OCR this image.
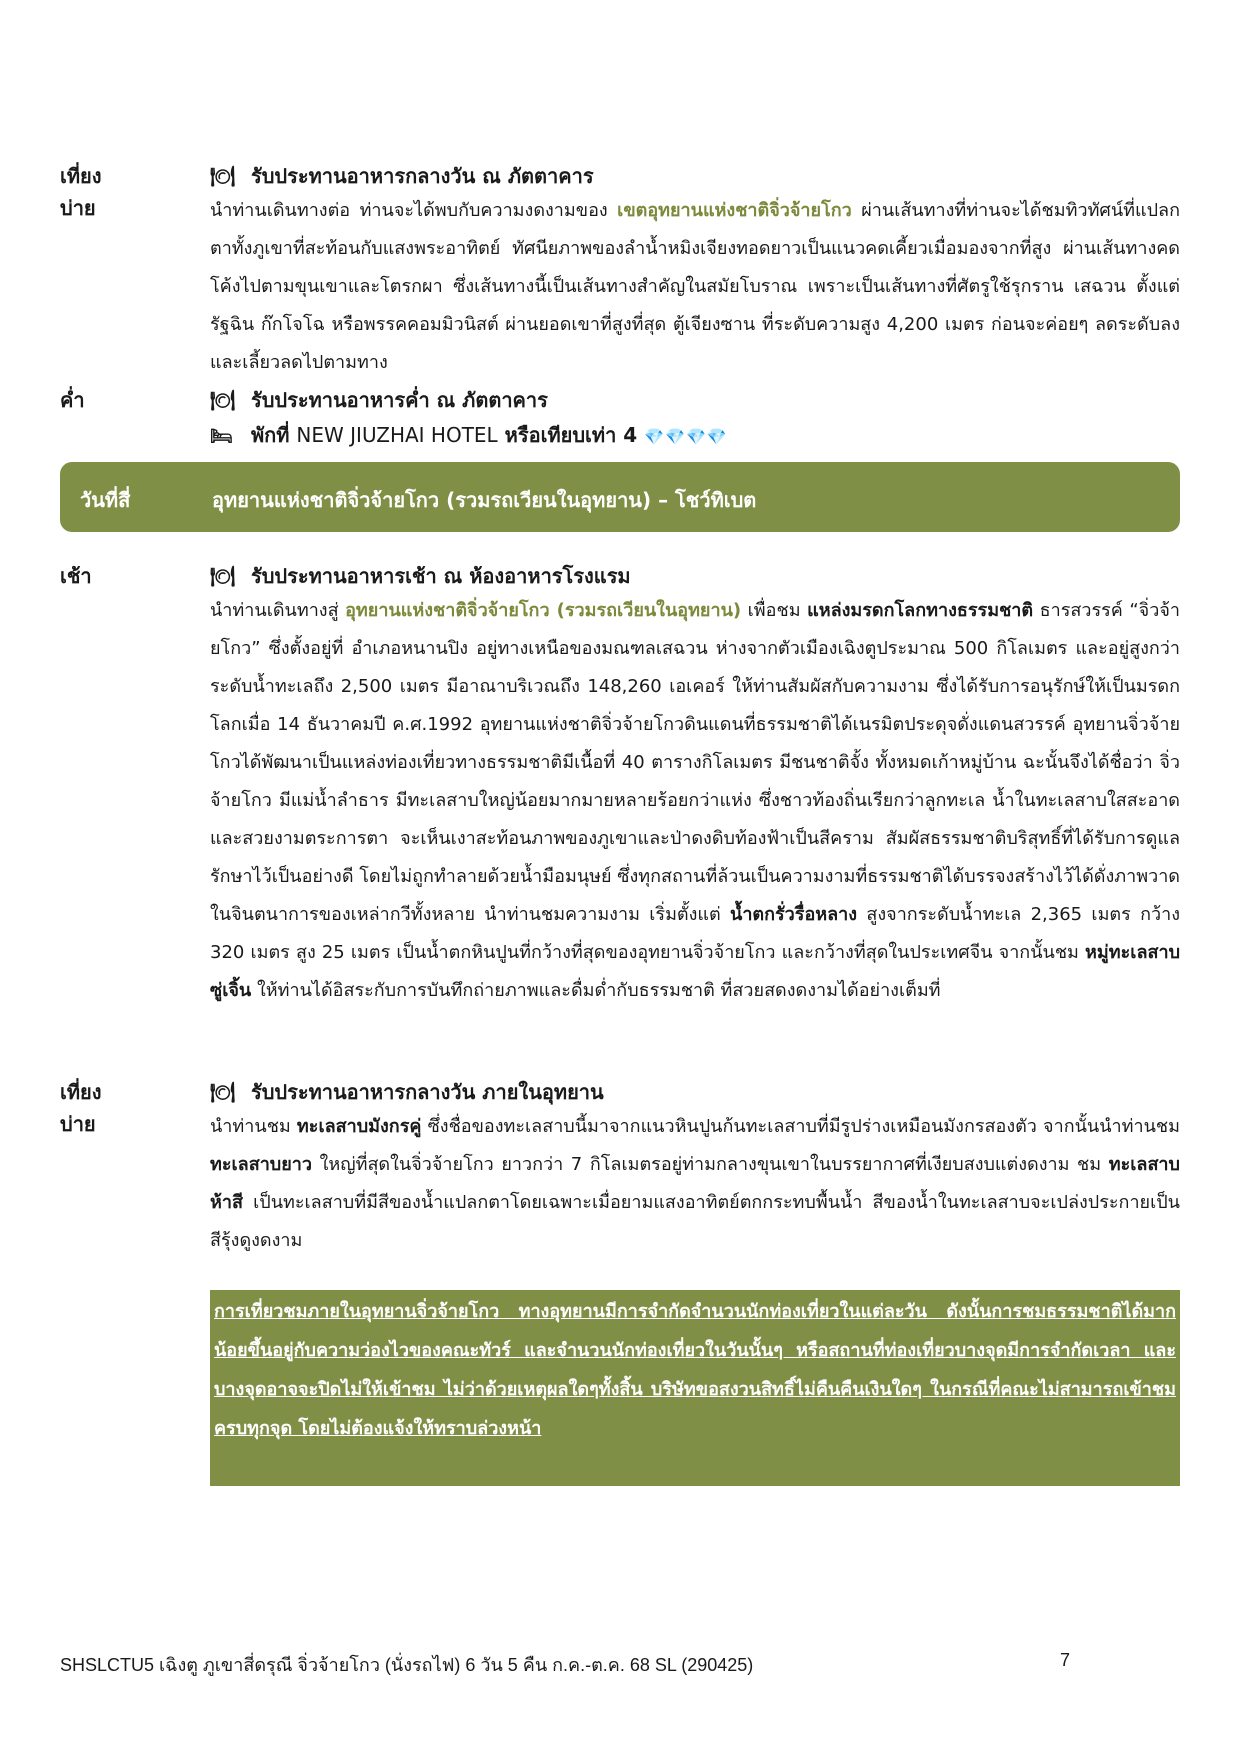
เที่ยง	🍽 รับประทานอาหารกลางวัน ณ ภัตตาคาร
บ่าย	นำท่านเดินทางต่อ ท่านจะได้พบกับความงดงามของ เขตอุทยานแห่งชาติจิ่วจ้ายโกว ผ่านเส้นทางที่ท่านจะได้ชมทิวทัศน์ที่แปลกตาทั้งภูเขาที่สะท้อนกับแสงพระอาทิตย์ ทัศนียภาพของลำน้ำหมิงเจียงทอดยาวเป็นแนวคดเคี้ยวเมื่อมองจากที่สูง ผ่านเส้นทางคดโค้งไปตามขุนเขาและโตรกผา ซึ่งเส้นทางนี้เป็นเส้นทางสำคัญในสมัยโบราณ เพราะเป็นเส้นทางที่ศัตรูใช้รุกราน เสฉวน ตั้งแต่รัฐฉิน ก๊กโจโฉ หรือพรรคคอมมิวนิสต์ ผ่านยอดเขาที่สูงที่สุด ตู้เจียงซาน ที่ระดับความสูง 4,200 เมตร ก่อนจะค่อยๆ ลดระดับลง และเลี้ยวลดไปตามทาง
ค่ำ	🍽 รับประทานอาหารค่ำ ณ ภัตตาคาร
🛏 พักที่ NEW JIUZHAI HOTEL หรือเทียบเท่า 4 💎💎💎💎
วันที่สี่	อุทยานแห่งชาติจิ่วจ้ายโกว (รวมรถเวียนในอุทยาน) – โชว์ทิเบต
เช้า	🍽 รับประทานอาหารเช้า ณ ห้องอาหารโรงแรม
นำท่านเดินทางสู่ อุทยานแห่งชาติจิ่วจ้ายโกว (รวมรถเวียนในอุทยาน) เพื่อชม แหล่งมรดกโลกทางธรรมชาติ ธารสวรรค์ “จิ่วจ้ายโกว” ซึ่งตั้งอยู่ที่ อำเภอหนานปิง อยู่ทางเหนือของมณฑลเสฉวน ห่างจากตัวเมืองเฉิงตูประมาณ 500 กิโลเมตร และอยู่สูงกว่าระดับน้ำทะเลถึง 2,500 เมตร มีอาณาบริเวณถึง 148,260 เอเคอร์ ให้ท่านสัมผัสกับความงาม ซึ่งได้รับการอนุรักษ์ให้เป็นมรดกโลกเมื่อ 14 ธันวาคมปี ค.ศ.1992 อุทยานแห่งชาติจิ่วจ้ายโกวดินแดนที่ธรรมชาติได้เนรมิตประดุจดั่งแดนสวรรค์ อุทยานจิ่วจ้ายโกวได้พัฒนาเป็นแหล่งท่องเที่ยวทางธรรมชาติมีเนื้อที่ 40 ตารางกิโลเมตร มีชนชาติจั้ง ทั้งหมดเก้าหมู่บ้าน ฉะนั้นจึงได้ชื่อว่า จิ่วจ้ายโกว มีแม่น้ำลำธาร มีทะเลสาบใหญ่น้อยมากมายหลายร้อยกว่าแห่ง ซึ่งชาวท้องถิ่นเรียกว่าลูกทะเล น้ำในทะเลสาบใสสะอาดและสวยงามตระการตา จะเห็นเงาสะท้อนภาพของภูเขาและป่าดงดิบท้องฟ้าเป็นสีคราม สัมผัสธรรมชาติบริสุทธิ์ที่ได้รับการดูแลรักษาไว้เป็นอย่างดี โดยไม่ถูกทำลายด้วยน้ำมือมนุษย์ ซึ่งทุกสถานที่ล้วนเป็นความงามที่ธรรมชาติได้บรรจงสร้างไว้ได้ดั่งภาพวาดในจินตนาการของเหล่ากวีทั้งหลาย นำท่านชมความงาม เริ่มตั้งแต่ น้ำตกรั่วรื่อหลาง สูงจากระดับน้ำทะเล 2,365 เมตร กว้าง 320 เมตร สูง 25 เมตร เป็นน้ำตกหินปูนที่กว้างที่สุดของอุทยานจิ่วจ้ายโกว และกว้างที่สุดในประเทศจีน จากนั้นชม หมู่ทะเลสาบซู่เจิ้น ให้ท่านได้อิสระกับการบันทึกถ่ายภาพและดื่มด่ำกับธรรมชาติ ที่สวยสดงดงามได้อย่างเต็มที่
เที่ยง	🍽 รับประทานอาหารกลางวัน ภายในอุทยาน
บ่าย	นำท่านชม ทะเลสาบมังกรคู่ ซึ่งชื่อของทะเลสาบนี้มาจากแนวหินปูนก้นทะเลสาบที่มีรูปร่างเหมือนมังกรสองตัว จากนั้นนำท่านชม ทะเลสาบยาว ใหญ่ที่สุดในจิ่วจ้ายโกว ยาวกว่า 7 กิโลเมตรอยู่ท่ามกลางขุนเขาในบรรยากาศที่เงียบสงบแต่งดงาม ชม ทะเลสาบห้าสี เป็นทะเลสาบที่มีสีของน้ำแปลกตาโดยเฉพาะเมื่อยามแสงอาทิตย์ตกกระทบพื้นน้ำ สีของน้ำในทะเลสาบจะเปล่งประกายเป็นสีรุ้งดูงดงาม
การเที่ยวชมภายในอุทยานจิ่วจ้ายโกว ทางอุทยานมีการจำกัดจำนวนนักท่องเที่ยวในแต่ละวัน ดังนั้นการชมธรรมชาติได้มากน้อยขึ้นอยู่กับความว่องไวของคณะทัวร์ และจำนวนนักท่องเที่ยวในวันนั้นๆ หรือสถานที่ท่องเที่ยวบางจุดมีการจำกัดเวลา และบางจุดอาจจะปิดไม่ให้เข้าชม ไม่ว่าด้วยเหตุผลใดๆทั้งสิ้น บริษัทขอสงวนสิทธิ์ไม่คืนคืนเงินใดๆ ในกรณีที่คณะไม่สามารถเข้าชมครบทุกจุด โดยไม่ต้องแจ้งให้ทราบล่วงหน้า
SHSLCTU5 เฉิงตู ภูเขาสี่ดรุณี จิ่วจ้ายโกว (นั่งรถไฟ) 6 วัน 5 คืน ก.ค.-ต.ค. 68 SL (290425)	7
